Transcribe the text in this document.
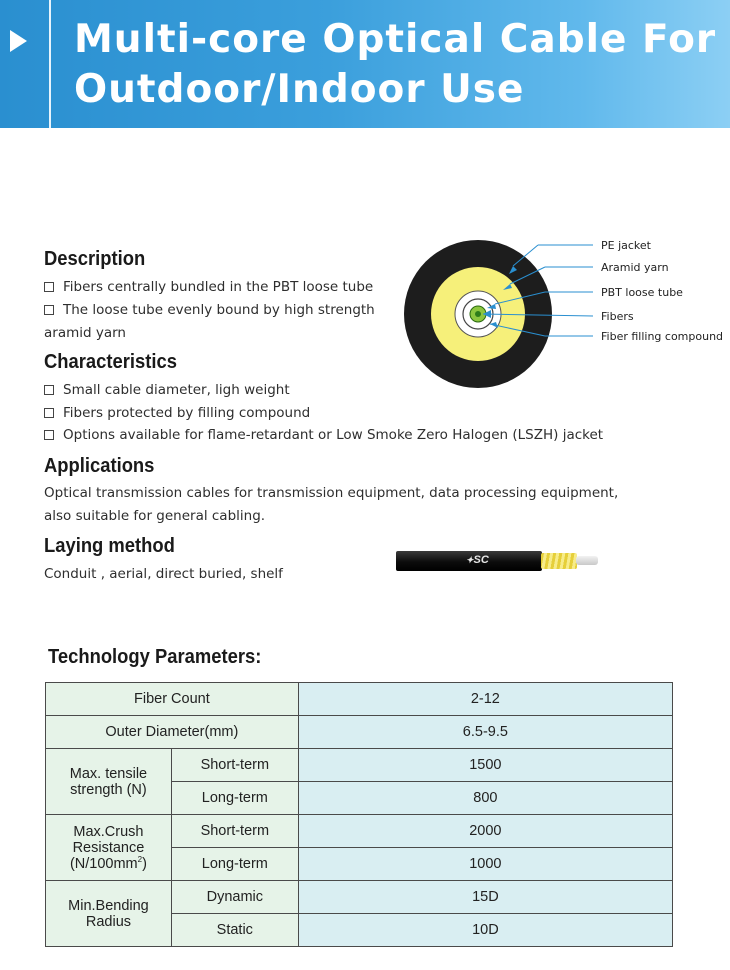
Multi-core Optical Cable For Outdoor/Indoor Use
Description
Fibers centrally bundled in the PBT loose tube
The loose tube evenly bound by high strength
aramid yarn
PE jacket
Aramid yarn
PBT loose tube
Fibers
Fiber filling compound
Characteristics
Small cable diameter, ligh weight
Fibers protected by filling compound
Options available for flame-retardant or Low Smoke Zero Halogen (LSZH) jacket
Applications
Optical transmission cables for transmission equipment, data processing equipment,
also suitable for general cabling.
Laying method
Conduit , aerial, direct buried, shelf
✦SC
Technology Parameters:
Fiber Count		2-12
Outer Diameter(mm)		6.5-9.5
Max. tensile
strength (N)	Short-term	1500
	Long-term	800
Max.Crush
Resistance
$(N/100mm^2)$	Short-term	2000
	Long-term	1000
Min.Bending
Radius	Dynamic	15D
	Static	10D
